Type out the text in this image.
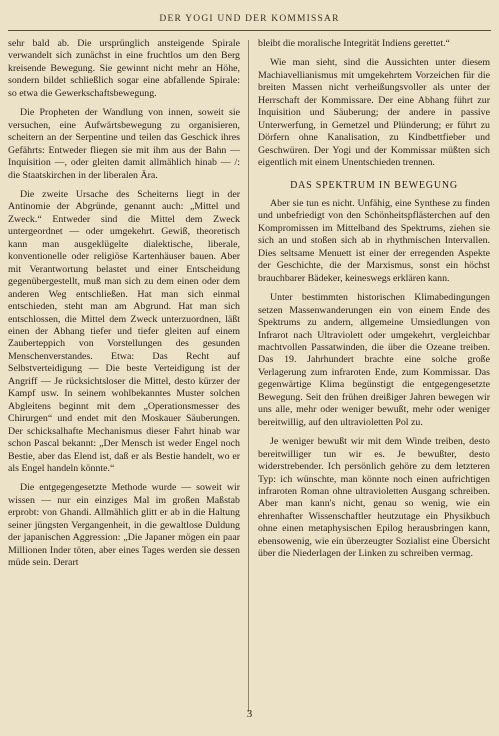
DER YOGI UND DER KOMMISSAR

sehr bald ab. Die ursprünglich ansteigende Spirale verwandelt sich zunächst in eine fruchtlos um den Berg kreisende Bewegung. Sie gewinnt nicht mehr an Höhe, sondern bildet schließlich sogar eine abfallende Spirale: so etwa die Gewerkschaftsbewegung.

Die Propheten der Wandlung von innen, soweit sie versuchen, eine Aufwärtsbewegung zu organisieren, scheitern an der Serpentine und teilen das Geschick ihres Gefährts: Entweder fliegen sie mit ihm aus der Bahn — Inquisition —, oder gleiten damit allmählich hinab — /: die Staatskirchen in der liberalen Ära.

Die zweite Ursache des Scheiterns liegt in der Antinomie der Abgründe, genannt auch: „Mittel und Zweck.“ Entweder sind die Mittel dem Zweck untergeordnet — oder umgekehrt. Gewiß, theoretisch kann man ausgeklügelte dialektische, liberale, konventionelle oder religiöse Kartenhäuser bauen. Aber mit Verantwortung belastet und einer Entscheidung gegenübergestellt, muß man sich zu dem einen oder dem anderen Weg entschließen. Hat man sich einmal entschieden, steht man am Abgrund. Hat man sich entschlossen, die Mittel dem Zweck unterzuordnen, läßt einen der Abhang tiefer und tiefer gleiten auf einem Zauberteppich von Vorstellungen des gesunden Menschenverstandes. Etwa: Das Recht auf Selbstverteidigung — Die beste Verteidigung ist der Angriff — Je rücksichtsloser die Mittel, desto kürzer der Kampf usw. In seinem wohlbekanntes Muster solchen Abgleitens beginnt mit dem „Operationsmesser des Chirurgen“ und endet mit den Moskauer Säuberungen. Der schicksalhafte Mechanismus dieser Fahrt hinab war schon Pascal bekannt: „Der Mensch ist weder Engel noch Bestie, aber das Elend ist, daß er als Bestie handelt, wo er als Engel handeln könnte.“

Die entgegengesetzte Methode wurde — soweit wir wissen — nur ein einziges Mal im großen Maßstab erprobt: von Ghandi. Allmählich glitt er ab in die Haltung seiner jüngsten Vergangenheit, in die gewaltlose Duldung der japanischen Aggression: „Die Japaner mögen ein paar Millionen Inder töten, aber eines Tages werden sie dessen müde sein. Derart

bleibt die moralische Integrität Indiens gerettet.“

Wie man sieht, sind die Aussichten unter diesem Machiavellianismus mit umgekehrtem Vorzeichen für die breiten Massen nicht verheißungsvoller als unter der Herrschaft der Kommissare. Der eine Abhang führt zur Inquisition und Säuberung; der andere in passive Unterwerfung, in Gemetzel und Plünderung; er führt zu Dörfern ohne Kanalisation, zu Kindbettfieber und Geschwüren. Der Yogi und der Kommissar müßten sich eigentlich mit einem Unentschieden trennen.

DAS SPEKTRUM IN BEWEGUNG

Aber sie tun es nicht. Unfähig, eine Synthese zu finden und unbefriedigt von den Schönheitspflästerchen auf den Kompromissen im Mittelband des Spektrums, ziehen sie sich an und stoßen sich ab in rhythmischen Intervallen. Dies seltsame Menuett ist einer der erregenden Aspekte der Geschichte, die der Marxismus, sonst ein höchst brauchbarer Bädeker, keineswegs erklären kann.

Unter bestimmten historischen Klimabedingungen setzen Massenwanderungen ein von einem Ende des Spektrums zu andern, allgemeine Umsiedlungen von Infrarot nach Ultraviolett oder umgekehrt, vergleichbar machtvollen Passatwinden, die über die Ozeane treiben. Das 19. Jahrhundert brachte eine solche große Verlagerung zum infraroten Ende, zum Kommissar. Das gegenwärtige Klima begünstigt die entgegengesetzte Bewegung. Seit den frühen dreißiger Jahren bewegen wir uns alle, mehr oder weniger bewußt, mehr oder weniger bereitwillig, auf den ultravioletten Pol zu.

Je weniger bewußt wir mit dem Winde treiben, desto bereitwilliger tun wir es. Je bewußter, desto widerstrebender. Ich persönlich gehöre zu dem letzteren Typ: ich wünschte, man könnte noch einen aufrichtigen infraroten Roman ohne ultravioletten Ausgang schreiben. Aber man kann's nicht, genau so wenig, wie ein ehrenhafter Wissenschaftler heutzutage ein Physikbuch ohne einen metaphysischen Epilog herausbringen kann, ebensowenig, wie ein überzeugter Sozialist eine Übersicht über die Niederlagen der Linken zu schreiben vermag.

3
